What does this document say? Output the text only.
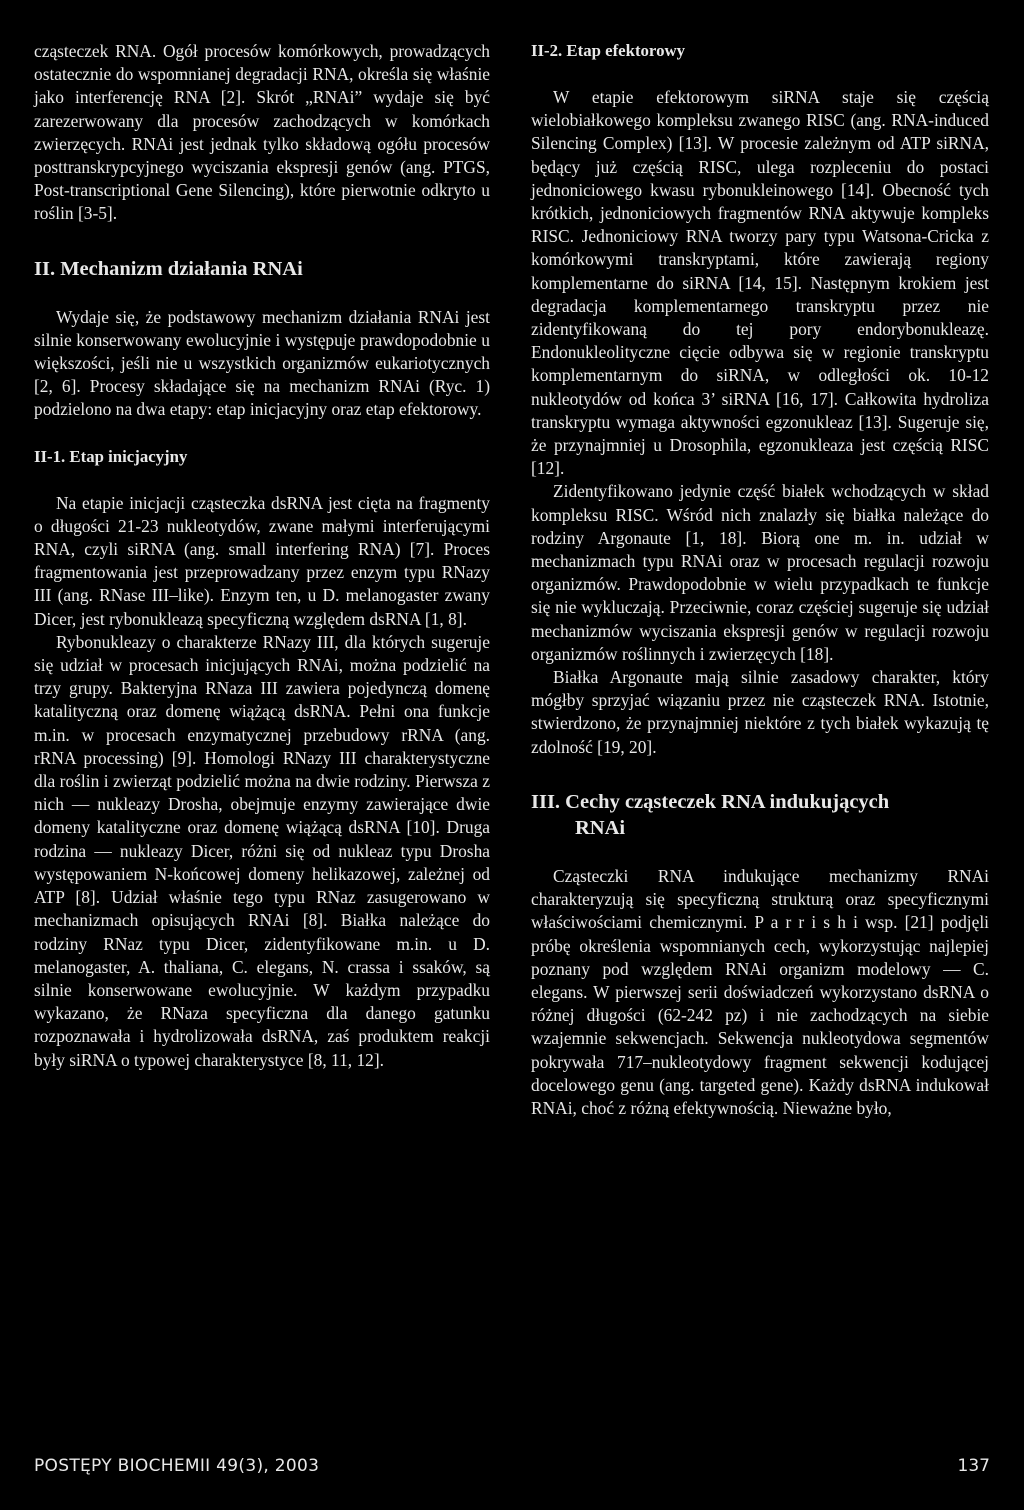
cząsteczek RNA. Ogół procesów komórkowych, prowadzących ostatecznie do wspomnianej degradacji RNA, określa się właśnie jako interferencję RNA [2]. Skrót „RNAi” wydaje się być zarezerwowany dla procesów zachodzących w komórkach zwierzęcych. RNAi jest jednak tylko składową ogółu procesów posttranskrypcyjnego wyciszania ekspresji genów (ang. PTGS, Post-transcriptional Gene Silencing), które pierwotnie odkryto u roślin [3-5].

II. Mechanizm działania RNAi

Wydaje się, że podstawowy mechanizm działania RNAi jest silnie konserwowany ewolucyjnie i występuje prawdopodobnie u większości, jeśli nie u wszystkich organizmów eukariotycznych [2, 6]. Procesy składające się na mechanizm RNAi (Ryc. 1) podzielono na dwa etapy: etap inicjacyjny oraz etap efektorowy.

II-1. Etap inicjacyjny

Na etapie inicjacji cząsteczka dsRNA jest cięta na fragmenty o długości 21-23 nukleotydów, zwane małymi interferującymi RNA, czyli siRNA (ang. small interfering RNA) [7]. Proces fragmentowania jest przeprowadzany przez enzym typu RNazy III (ang. RNase III–like). Enzym ten, u D. melanogaster zwany Dicer, jest rybonukleazą specyficzną względem dsRNA [1, 8].

Rybonukleazy o charakterze RNazy III, dla których sugeruje się udział w procesach inicjujących RNAi, można podzielić na trzy grupy. Bakteryjna RNaza III zawiera pojedynczą domenę katalityczną oraz domenę wiążącą dsRNA. Pełni ona funkcje m.in. w procesach enzymatycznej przebudowy rRNA (ang. rRNA processing) [9]. Homologi RNazy III charakterystyczne dla roślin i zwierząt podzielić można na dwie rodziny. Pierwsza z nich — nukleazy Drosha, obejmuje enzymy zawierające dwie domeny katalityczne oraz domenę wiążącą dsRNA [10]. Druga rodzina — nukleazy Dicer, różni się od nukleaz typu Drosha występowaniem N-końcowej domeny helikazowej, zależnej od ATP [8]. Udział właśnie tego typu RNaz zasugerowano w mechanizmach opisujących RNAi [8]. Białka należące do rodziny RNaz typu Dicer, zidentyfikowane m.in. u D. melanogaster, A. thaliana, C. elegans, N. crassa i ssaków, są silnie konserwowane ewolucyjnie. W każdym przypadku wykazano, że RNaza specyficzna dla danego gatunku rozpoznawała i hydrolizowała dsRNA, zaś produktem reakcji były siRNA o typowej charakterystyce [8, 11, 12].

II-2. Etap efektorowy

W etapie efektorowym siRNA staje się częścią wielobiałkowego kompleksu zwanego RISC (ang. RNA-induced Silencing Complex) [13]. W procesie zależnym od ATP siRNA, będący już częścią RISC, ulega rozpleceniu do postaci jednoniciowego kwasu rybonukleinowego [14]. Obecność tych krótkich, jednoniciowych fragmentów RNA aktywuje kompleks RISC. Jednoniciowy RNA tworzy pary typu Watsona-Cricka z komórkowymi transkryptami, które zawierają regiony komplementarne do siRNA [14, 15]. Następnym krokiem jest degradacja komplementarnego transkryptu przez nie zidentyfikowaną do tej pory endorybonukleazę. Endonukleolityczne cięcie odbywa się w regionie transkryptu komplementarnym do siRNA, w odległości ok. 10-12 nukleotydów od końca 3’ siRNA [16, 17]. Całkowita hydroliza transkryptu wymaga aktywności egzonukleaz [13]. Sugeruje się, że przynajmniej u Drosophila, egzonukleaza jest częścią RISC [12].

Zidentyfikowano jedynie część białek wchodzących w skład kompleksu RISC. Wśród nich znalazły się białka należące do rodziny Argonaute [1, 18]. Biorą one m. in. udział w mechanizmach typu RNAi oraz w procesach regulacji rozwoju organizmów. Prawdopodobnie w wielu przypadkach te funkcje się nie wykluczają. Przeciwnie, coraz częściej sugeruje się udział mechanizmów wyciszania ekspresji genów w regulacji rozwoju organizmów roślinnych i zwierzęcych [18].

Białka Argonaute mają silnie zasadowy charakter, który mógłby sprzyjać wiązaniu przez nie cząsteczek RNA. Istotnie, stwierdzono, że przynajmniej niektóre z tych białek wykazują tę zdolność [19, 20].

III. Cechy cząsteczek RNA indukujących
RNAi

Cząsteczki RNA indukujące mechanizmy RNAi charakteryzują się specyficzną strukturą oraz specyficznymi właściwościami chemicznymi. P a r r i s h i wsp. [21] podjęli próbę określenia wspomnianych cech, wykorzystując najlepiej poznany pod względem RNAi organizm modelowy — C. elegans. W pierwszej serii doświadczeń wykorzystano dsRNA o różnej długości (62-242 pz) i nie zachodzących na siebie wzajemnie sekwencjach. Sekwencja nukleotydowa segmentów pokrywała 717–nukleotydowy fragment sekwencji kodującej docelowego genu (ang. targeted gene). Każdy dsRNA indukował RNAi, choć z różną efektywnością. Nieważne było,

POSTĘPY BIOCHEMII 49(3), 2003	137
